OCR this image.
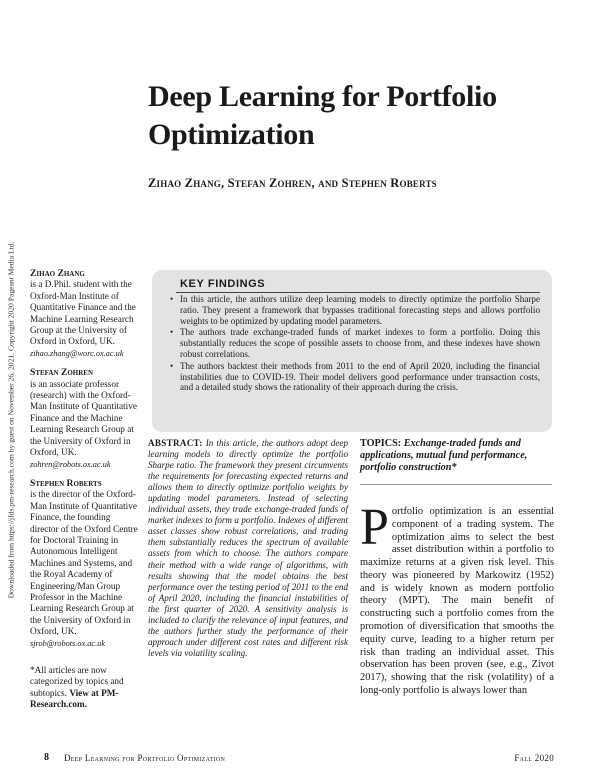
Downloaded from https://jfds.pm-research.com by guest on November 26, 2021. Copyright 2020 Pageant Media Ltd.
Deep Learning for Portfolio Optimization
Zihao Zhang, Stefan Zohren, and Stephen Roberts
Zihao Zhang
is a D.Phil. student with the Oxford-Man Institute of Quantitative Finance and the Machine Learning Research Group at the University of Oxford in Oxford, UK.
zihao.zhang@worc.ox.ac.uk
Stefan Zohren
is an associate professor (research) with the Oxford-Man Institute of Quantitative Finance and the Machine Learning Research Group at the University of Oxford in Oxford, UK.
zohren@robots.ox.ac.uk
Stephen Roberts
is the director of the Oxford-Man Institute of Quantitative Finance, the founding director of the Oxford Centre for Doctoral Training in Autonomous Intelligent Machines and Systems, and the Royal Academy of Engineering/Man Group Professor in the Machine Learning Research Group at the University of Oxford in Oxford, UK.
sjrob@robots.ox.ac.uk
*All articles are now categorized by topics and subtopics. View at PM-Research.com.
KEY FINDINGS
• In this article, the authors utilize deep learning models to directly optimize the portfolio Sharpe ratio. They present a framework that bypasses traditional forecasting steps and allows portfolio weights to be optimized by updating model parameters.
• The authors trade exchange-traded funds of market indexes to form a portfolio. Doing this substantially reduces the scope of possible assets to choose from, and these indexes have shown robust correlations.
• The authors backtest their methods from 2011 to the end of April 2020, including the financial instabilities due to COVID-19. Their model delivers good performance under transaction costs, and a detailed study shows the rationality of their approach during the crisis.
ABSTRACT: In this article, the authors adopt deep learning models to directly optimize the portfolio Sharpe ratio. The framework they present circumvents the requirements for forecasting expected returns and allows them to directly optimize portfolio weights by updating model parameters. Instead of selecting individual assets, they trade exchange-traded funds of market indexes to form a portfolio. Indexes of different asset classes show robust correlations, and trading them substantially reduces the spectrum of available assets from which to choose. The authors compare their method with a wide range of algorithms, with results showing that the model obtains the best performance over the testing period of 2011 to the end of April 2020, including the financial instabilities of the first quarter of 2020. A sensitivity analysis is included to clarify the relevance of input features, and the authors further study the performance of their approach under different cost rates and different risk levels via volatility scaling.
TOPICS: Exchange-traded funds and applications, mutual fund performance, portfolio construction*
Portfolio optimization is an essential component of a trading system. The optimization aims to select the best asset distribution within a portfolio to maximize returns at a given risk level. This theory was pioneered by Markowitz (1952) and is widely known as modern portfolio theory (MPT). The main benefit of constructing such a portfolio comes from the promotion of diversification that smooths the equity curve, leading to a higher return per risk than trading an individual asset. This observation has been proven (see, e.g., Zivot 2017), showing that the risk (volatility) of a long-only portfolio is always lower than
8 Deep Learning for Portfolio Optimization	Fall 2020
